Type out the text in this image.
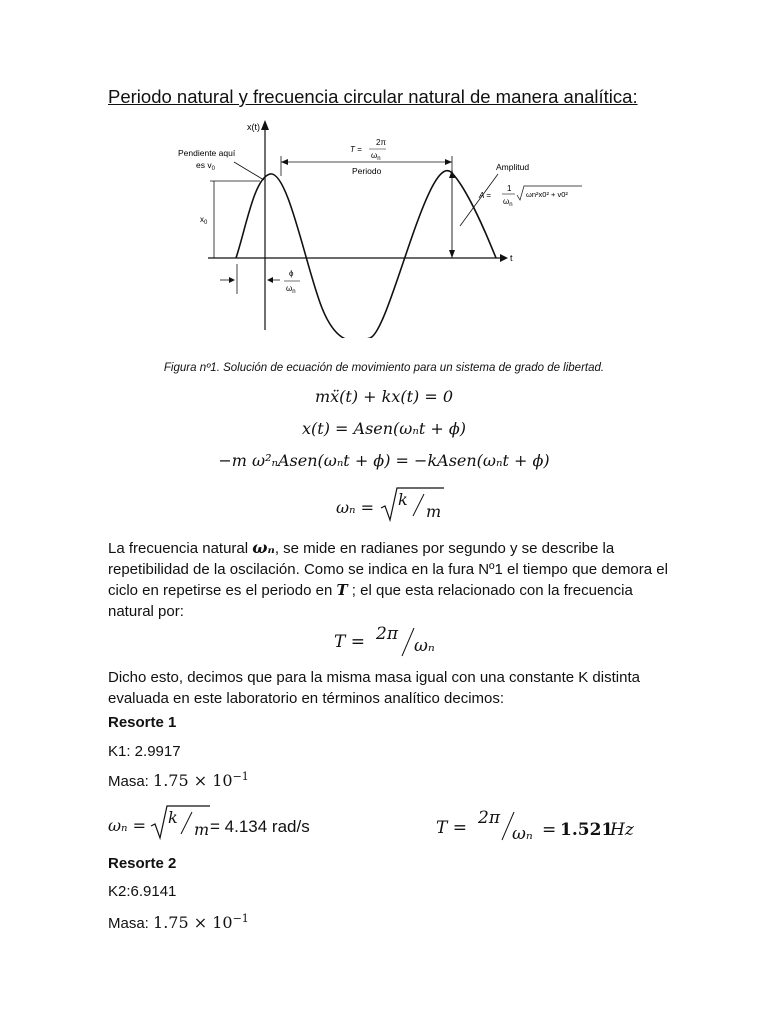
Periodo natural y frecuencia circular natural de manera analítica:
x(t)
t
$x_0$
Pendiente aquí
es $v_0$
T =
2π
$\omega_n$
Periodo	Amplitud
A =
1
$\omega_n$
ωn²x0² + v0²
ϕ
$\omega_n$
Figura nº1. Solución de ecuación de movimiento para un sistema de grado de libertad.
mẍ(t) + kx(t) = 0
x(t) = Asen(ωₙt + ϕ)
−m ω²ₙAsen(ωₙt + ϕ) = −kAsen(ωₙt + ϕ)
ωₙ = k
m
La frecuencia natural ωₙ, se mide en radianes por segundo y se describe la repetibilidad de la oscilación. Como se indica en la fura Nº1 el tiempo que demora el ciclo en repetirse es el periodo en T ; el que esta relacionado con la frecuencia natural por:
T = 2π
ωₙ
Dicho esto, decimos que para la misma masa igual con una constante K distinta evaluada en este laboratorio en términos analítico decimos:
Resorte 1
K1: 2.9917
Masa: $1.75 \times 10^{-1}$
ωₙ = k
m = 4.134 rad/s	T = 2π
ωₙ = 1.521
Hz
Resorte 2
K2:6.9141
Masa: $1.75 \times 10^{-1}$
